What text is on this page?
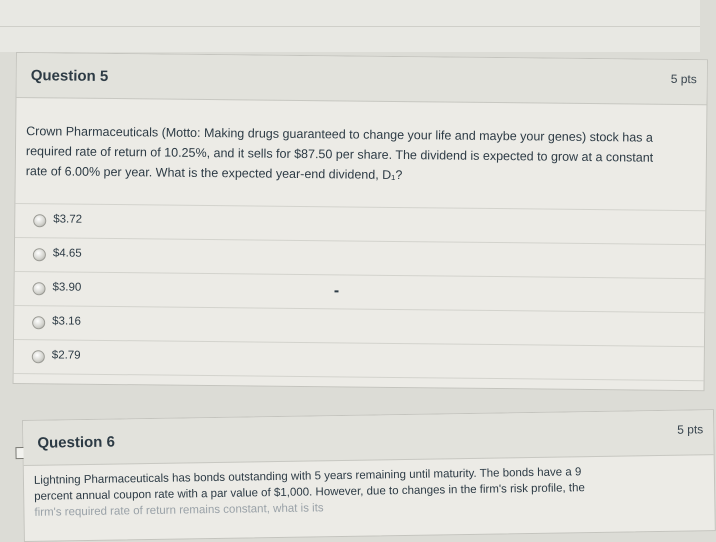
Question 5	5 pts
Crown Pharmaceuticals (Motto: Making drugs guaranteed to change your life and maybe your genes) stock has a
required rate of return of 10.25%, and it sells for $87.50 per share. The dividend is expected to grow at a constant
rate of 6.00% per year. What is the expected year-end dividend, D₁?
$3.72
$4.65
$3.90
$3.16
$2.79
Question 6
5 pts
Lightning Pharmaceuticals has bonds outstanding with 5 years remaining until maturity. The bonds have a 9
percent annual coupon rate with a par value of $1,000. However, due to changes in the firm's risk profile, the
firm's required rate of return remains constant, what is its
